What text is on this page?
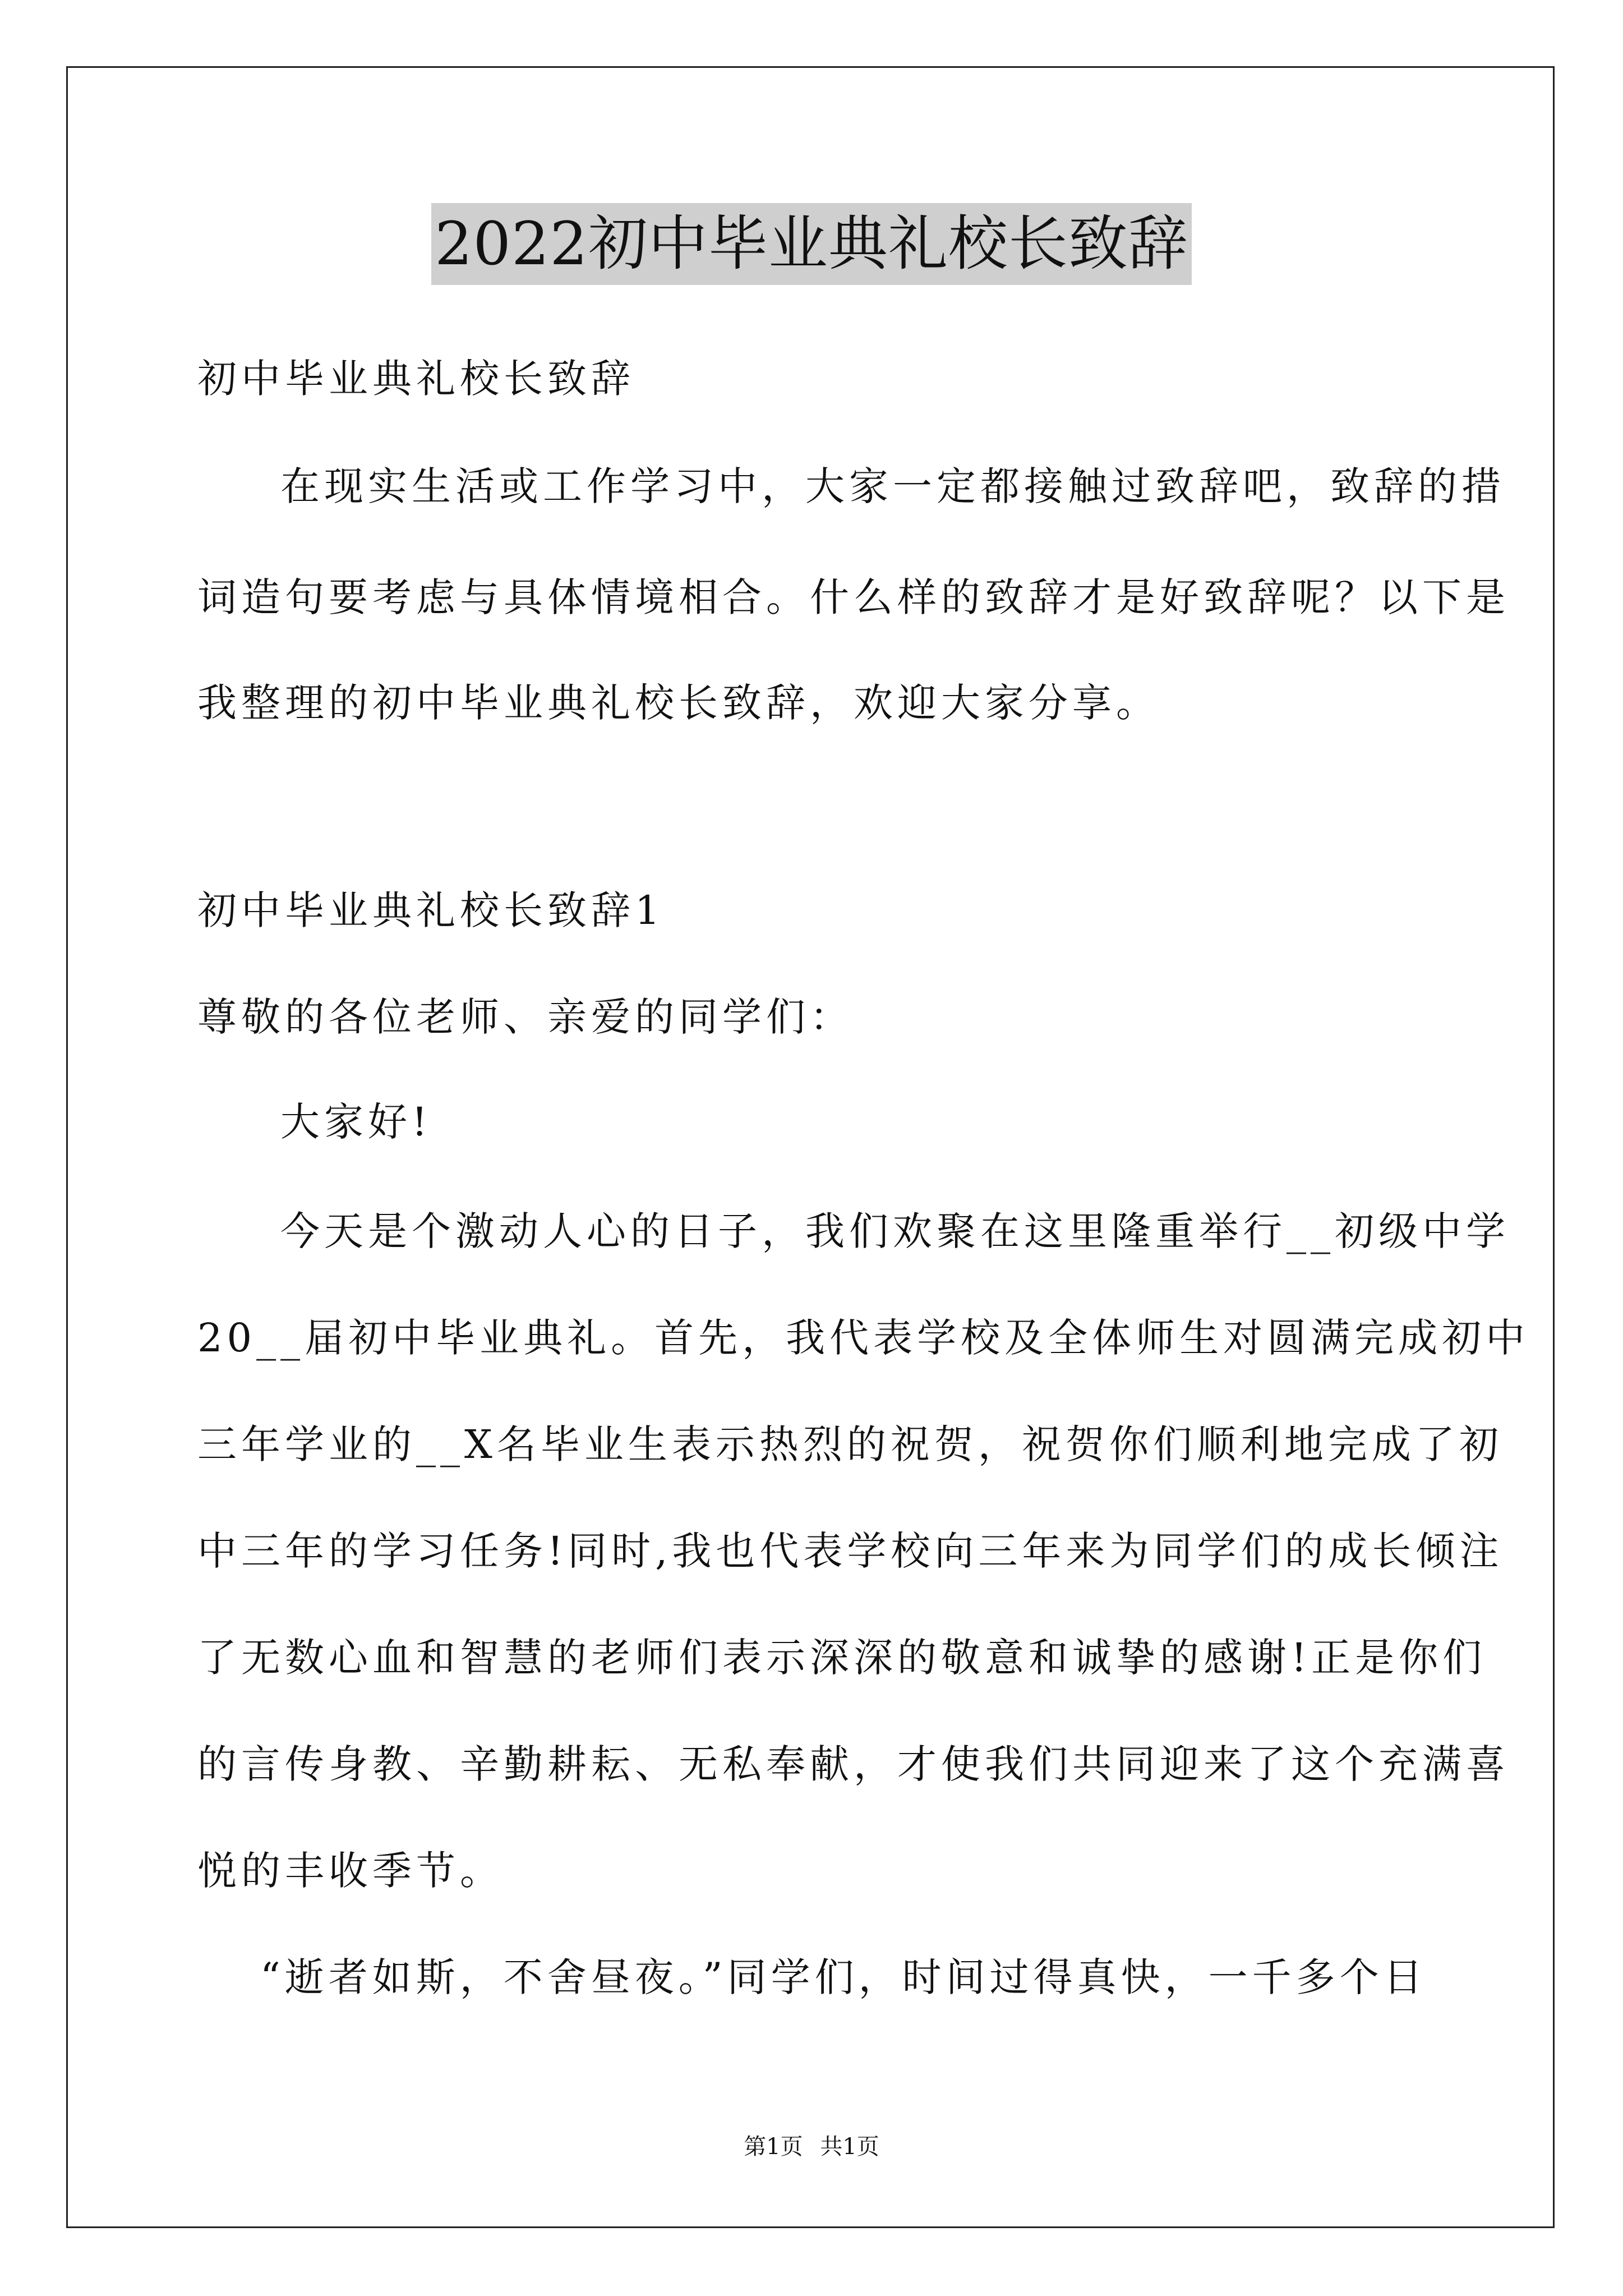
2022初中毕业典礼校长致辞
初中毕业典礼校长致辞
在现实生活或工作学习中，大家一定都接触过致辞吧，致辞的措
词造句要考虑与具体情境相合。什么样的致辞才是好致辞呢？以下是
我整理的初中毕业典礼校长致辞，欢迎大家分享。
初中毕业典礼校长致辞1
尊敬的各位老师、亲爱的同学们：
大家好!
今天是个激动人心的日子，我们欢聚在这里隆重举行__初级中学
20__届初中毕业典礼。首先，我代表学校及全体师生对圆满完成初中
三年学业的__X名毕业生表示热烈的祝贺，祝贺你们顺利地完成了初
中三年的学习任务!同时,我也代表学校向三年来为同学们的成长倾注
了无数心血和智慧的老师们表示深深的敬意和诚挚的感谢!正是你们
的言传身教、辛勤耕耘、无私奉献，才使我们共同迎来了这个充满喜
悦的丰收季节。
“逝者如斯，不舍昼夜。”同学们，时间过得真快，一千多个日
第1页 共1页
